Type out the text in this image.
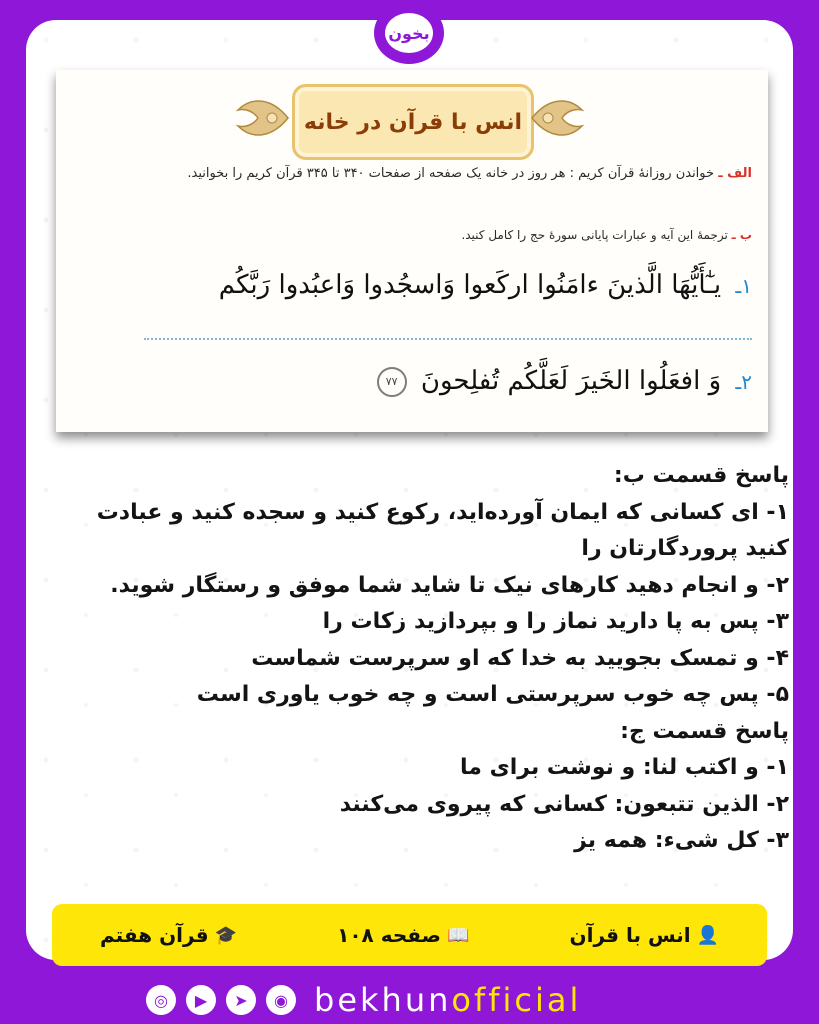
بخون
انس با قرآن در خانه
الف ـ خواندن روزانهٔ قرآن کریم : هر روز در خانه یک صفحه از صفحات ۳۴۰ تا ۳۴۵ قرآن کریم را بخوانید.
ب ـ ترجمهٔ این آیه و عبارات پایانی سورهٔ حج را کامل کنید.
۱ـ یـٰٓأَیُّهَا الَّذینَ ءامَنُوا ارکَعوا وَاسجُدوا وَاعبُدوا رَبَّکُم
۲ـ وَ افعَلُوا الخَیرَ لَعَلَّکُم تُفلِحونَ ۷۷
پاسخ قسمت ب:
۱- ای کسانی که ایمان آورده‌اید، رکوع کنید و سجده کنید و عبادت
کنید پروردگارتان را
۲- و انجام دهید کارهای نیک تا شاید شما موفق و رستگار شوید.
۳- پس به پا دارید نماز را و بپردازید زکات را
۴- و تمسک بجویید به خدا که او سرپرست شماست
۵- پس چه خوب سرپرستی است و چه خوب یاوری است
پاسخ قسمت ج:
۱- و اکتب لنا: و نوشت برای ما
۲- الذین تتبعون: کسانی که پیروی می‌کنند
۳- کل شیء: همه یز
👤
انس با قرآن
📖
صفحه ۱۰۸
🎓
قرآن هفتم
◎	▶	➤	◉ bekhunofficial
